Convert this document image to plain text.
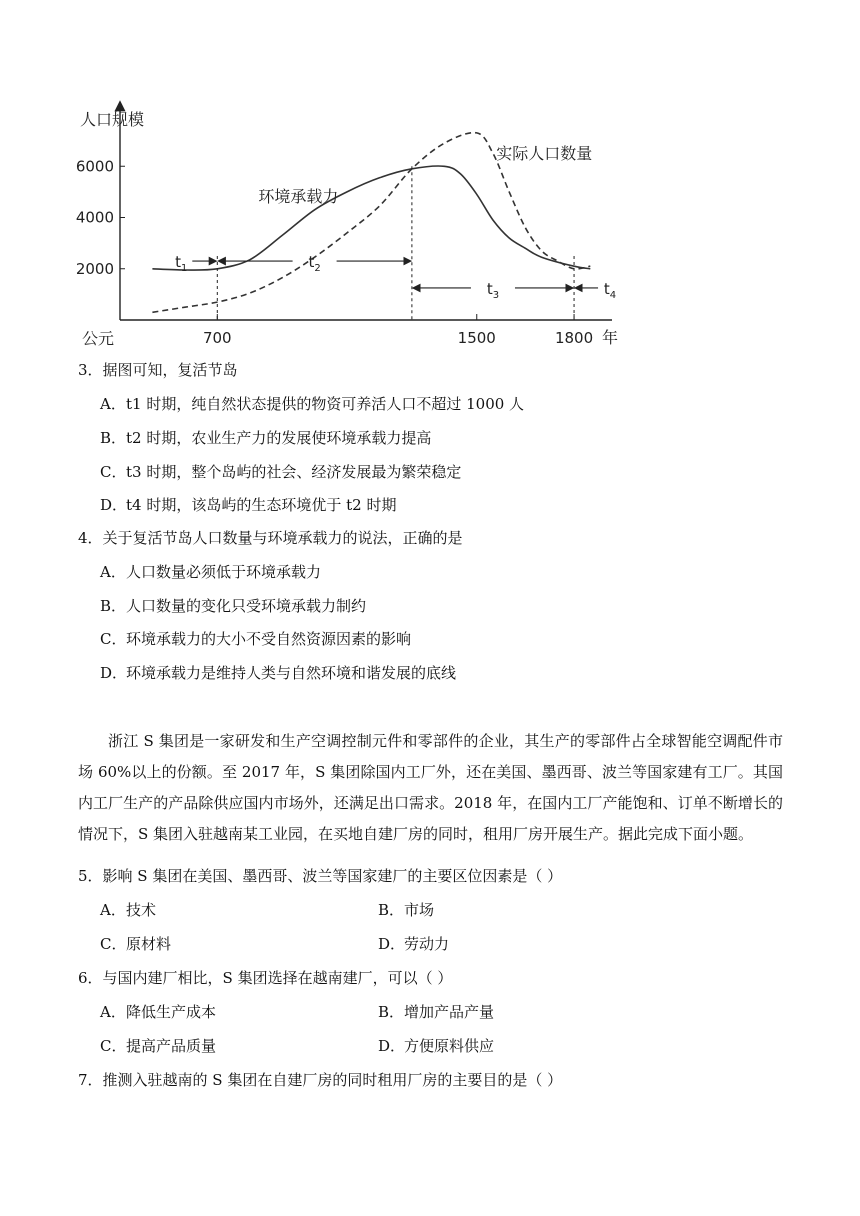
2000
4000
6000
700	1500	1800
人口规模
年
公元
环境承载力
实际人口数量
$t_1$	$t_2$
$t_3$	$t_4$
3．据图可知，复活节岛
A．t1 时期，纯自然状态提供的物资可养活人口不超过 1000 人
B．t2 时期，农业生产力的发展使环境承载力提高
C．t3 时期，整个岛屿的社会、经济发展最为繁荣稳定
D．t4 时期，该岛屿的生态环境优于 t2 时期
4．关于复活节岛人口数量与环境承载力的说法，正确的是
A．人口数量必须低于环境承载力
B．人口数量的变化只受环境承载力制约
C．环境承载力的大小不受自然资源因素的影响
D．环境承载力是维持人类与自然环境和谐发展的底线
浙江 S 集团是一家研发和生产空调控制元件和零部件的企业，其生产的零部件占全球智能空调配件市场 60%以上的份额。至 2017 年，S 集团除国内工厂外，还在美国、墨西哥、波兰等国家建有工厂。其国内工厂生产的产品除供应国内市场外，还满足出口需求。2018 年，在国内工厂产能饱和、订单不断增长的情况下，S 集团入驻越南某工业园，在买地自建厂房的同时，租用厂房开展生产。据此完成下面小题。
5．影响 S 集团在美国、墨西哥、波兰等国家建厂的主要区位因素是（ ）
A．技术	B．市场
C．原材料	D．劳动力
6．与国内建厂相比，S 集团选择在越南建厂，可以（ ）
A．降低生产成本	B．增加产品产量
C．提高产品质量	D．方便原料供应
7．推测入驻越南的 S 集团在自建厂房的同时租用厂房的主要目的是（ ）
